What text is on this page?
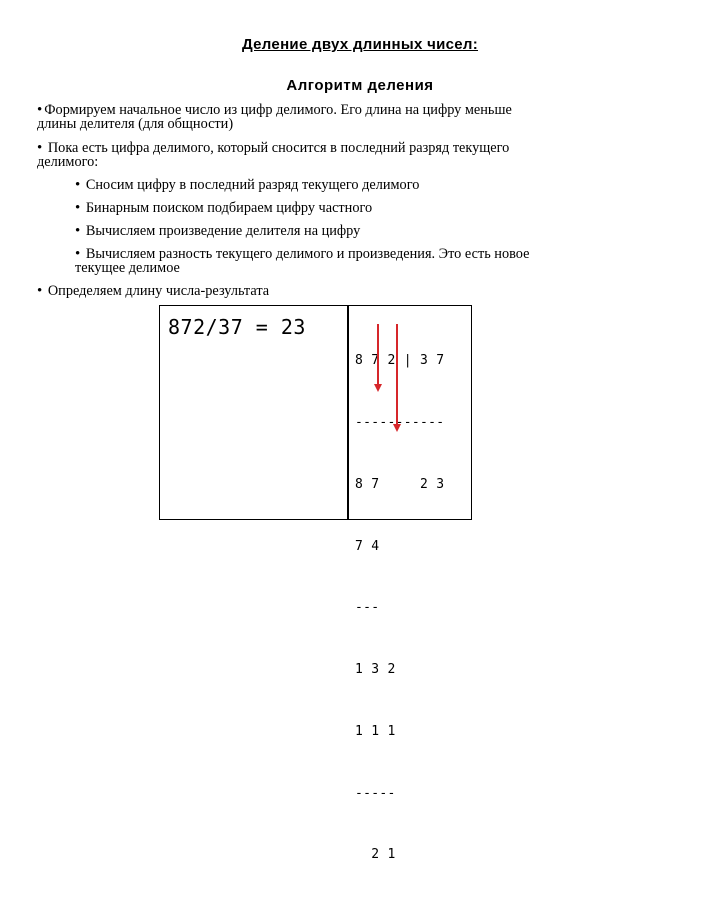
Деление двух длинных чисел:
Алгоритм деления
• Формируем начальное число из цифр делимого. Его длина на цифру меньше
длины делителя (для общности)
• Пока есть цифра делимого, который сносится в последний разряд текущего
делимого:
• Сносим цифру в последний разряд текущего делимого
• Бинарным поиском подбираем цифру частного
• Вычисляем произведение делителя на цифру
• Вычисляем разность текущего делимого и произведения. Это есть новое
текущее делимое
• Определяем длину числа-результата
872/37 = 23

8 7 2 | 3 7

-----------

8 7     2 3

7 4

---

1 3 2

1 1 1

-----

2 1
